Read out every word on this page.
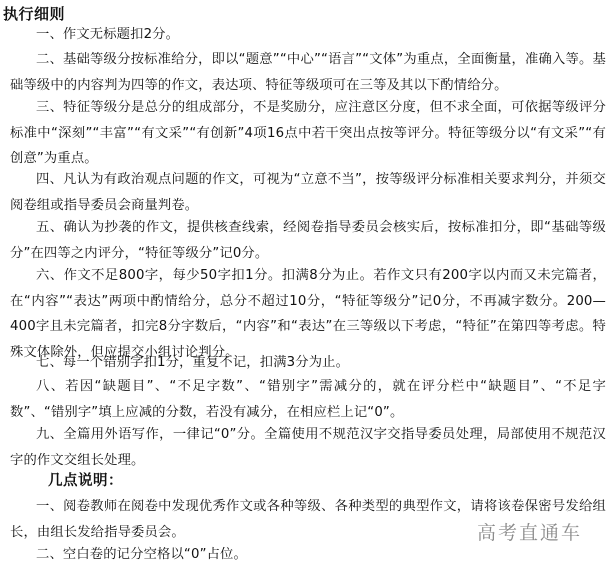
执行细则

一、作文无标题扣2分。

二、基础等级分按标准给分，即以“题意”“中心”“语言”“文体”为重点，全面衡量，准确入等。基础等级中的内容判为四等的作文，表达项、特征等级项可在三等及其以下酌情给分。

三、特征等级分是总分的组成部分，不是奖励分，应注意区分度，但不求全面，可依据等级评分标准中“深刻”“丰富”“有文采”“有创新”4项16点中若干突出点按等评分。特征等级分以“有文采”“有创意”为重点。

四、凡认为有政治观点问题的作文，可视为“立意不当”，按等级评分标准相关要求判分，并须交阅卷组或指导委员会商量判卷。

五、确认为抄袭的作文，提供核查线索，经阅卷指导委员会核实后，按标准扣分，即“基础等级分”在四等之内评分，“特征等级分”记0分。

六、作文不足800字，每少50字扣1分。扣满8分为止。若作文只有200字以内而又未完篇者，在“内容”“表达”两项中酌情给分，总分不超过10分，“特征等级分”记0分，不再减字数分。200—400字且未完篇者，扣完8分字数后，“内容”和“表达”在三等级以下考虑，“特征”在第四等考虑。特殊文体除外，但应提交小组讨论判分。

七、每一个错别字扣1分，重复不记，扣满3分为止。

八、若因“缺题目”、“不足字数”、“错别字”需减分的，就在评分栏中“缺题目”、“不足字数”、“错别字”填上应减的分数，若没有减分，在相应栏上记“0”。

九、全篇用外语写作，一律记“0”分。全篇使用不规范汉字交指导委员处理，局部使用不规范汉字的作文交组长处理。

几点说明：

一、阅卷教师在阅卷中发现优秀作文或各种等级、各种类型的典型作文，请将该卷保密号发给组长，由组长发给指导委员会。

二、空白卷的记分空格以“0”占位。

高考直通车
